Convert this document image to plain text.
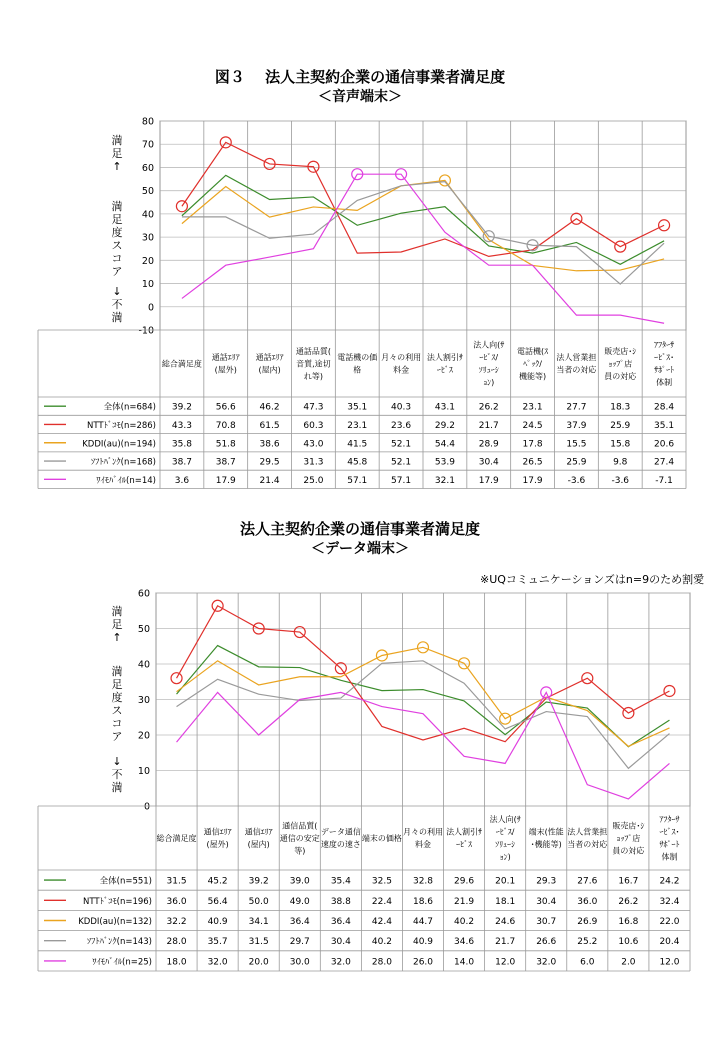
図３　 法人主契約企業の通信事業者満足度
＜音声端末＞
法人主契約企業の通信事業者満足度
＜データ端末＞
※UQコミュニケーションズはn=9のため割愛
満足↑
満足度スコア
↓不満
満足↑
満足度スコア
↓不満
80
70
60
50
40
30
20
10
0
-10
総合満足度
通話ｴﾘｱ(屋外)
通話ｴﾘｱ(屋内)
通話品質(音質,途切れ等)
電話機の価格
月々の利用料金
法人割引ｻｰﾋﾞｽ
法人向(ｻｰﾋﾞｽ/ｿﾘｭｰｼｮﾝ)
電話機(ｽﾍﾟｯｸ/機能等)
法人営業担当者の対応
販売店･ｼｮｯﾌﾟ店員の対応
ｱﾌﾀｰｻｰﾋﾞｽ･ｻﾎﾟｰﾄ体制
全体(n=684) 39.2	56.6	46.2	47.3	35.1	40.3	43.1	26.2	23.1	27.7	18.3	28.4
NTTﾄﾞｺﾓ(n=286) 43.3	70.8	61.5	60.3	23.1	23.6	29.2	21.7	24.5	37.9	25.9	35.1
KDDI(au)(n=194) 35.8	51.8	38.6	43.0	41.5	52.1	54.4	28.9	17.8	15.5	15.8	20.6
ｿﾌﾄﾊﾞﾝｸ(n=168) 38.7	38.7	29.5	31.3	45.8	52.1	53.9	30.4	26.5	25.9	9.8	27.4
ﾜｲﾓﾊﾞｲﾙ(n=14) 3.6	17.9	21.4	25.0	57.1	57.1	32.1	17.9	17.9	-3.6	-3.6	-7.1
60
50
40
30
20
10
0
総合満足度
通信ｴﾘｱ(屋外)
通信ｴﾘｱ(屋内)
通信品質(通信の安定等)
データ通信速度の速さ
端末の価格
月々の利用料金
法人割引ｻｰﾋﾞｽ
法人向(ｻｰﾋﾞｽ/ｿﾘｭｰｼｮﾝ)
端末(性能･機能等)
法人営業担当者の対応
販売店･ｼｮｯﾌﾟ店員の対応
ｱﾌﾀｰｻｰﾋﾞｽ･ｻﾎﾟｰﾄ体制
全体(n=551) 31.5 45.2 39.2 39.0 35.4 32.5 32.8 29.6 20.1 29.3 27.6 16.7 24.2
NTTﾄﾞｺﾓ(n=196) 36.0 56.4 50.0 49.0 38.8 22.4 18.6 21.9 18.1 30.4 36.0 26.2 32.4
KDDI(au)(n=132) 32.2 40.9 34.1 36.4 36.4 42.4 44.7 40.2 24.6 30.7 26.9 16.8 22.0
ｿﾌﾄﾊﾞﾝｸ(n=143) 28.0 35.7 31.5 29.7 30.4 40.2 40.9 34.6 21.7 26.6 25.2 10.6 20.4
ﾜｲﾓﾊﾞｲﾙ(n=25) 18.0 32.0 20.0 30.0 32.0 28.0 26.0 14.0 12.0 32.0	6.0	2.0	12.0
